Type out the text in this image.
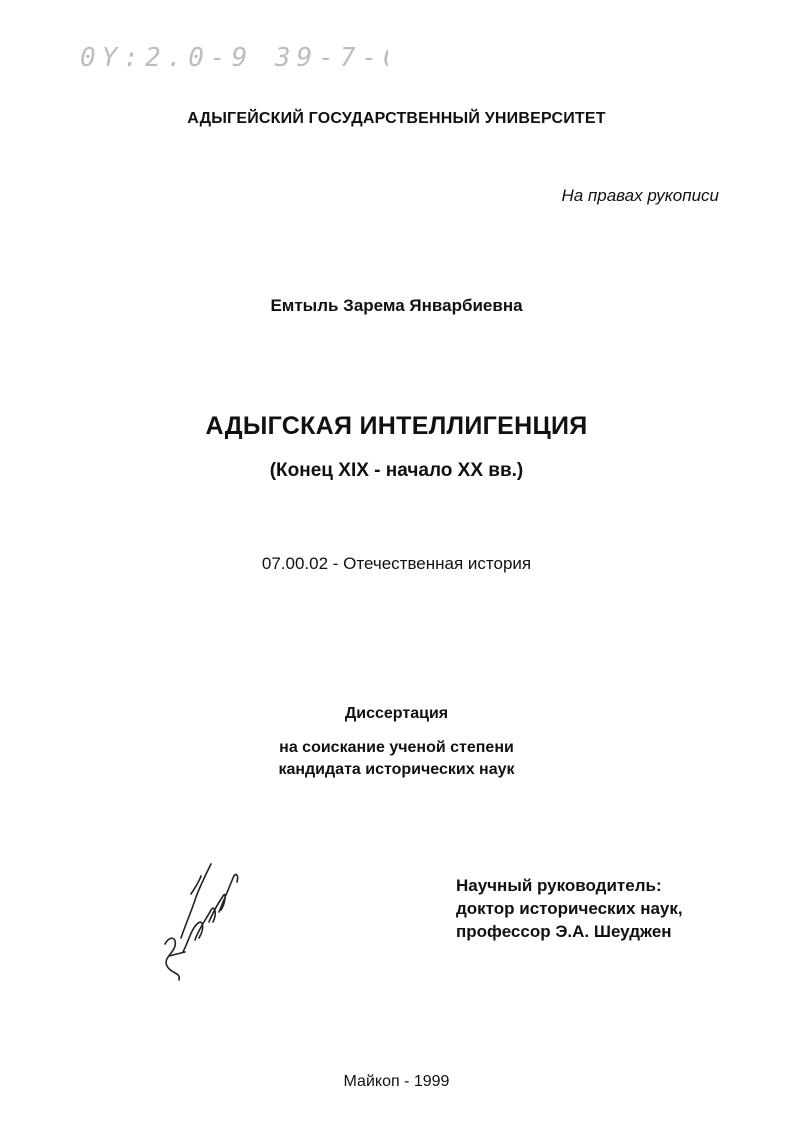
0Y:2.0-9 39-7-0
АДЫГЕЙСКИЙ ГОСУДАРСТВЕННЫЙ УНИВЕРСИТЕТ
На правах рукописи
Емтыль Зарема Январбиевна
АДЫГСКАЯ ИНТЕЛЛИГЕНЦИЯ
(Конец XIX - начало XX вв.)
07.00.02 - Отечественная история
Диссертация
на соискание ученой степени
кандидата исторических наук
Научный руководитель:
доктор исторических наук,
профессор Э.А. Шеуджен
Майкоп - 1999
